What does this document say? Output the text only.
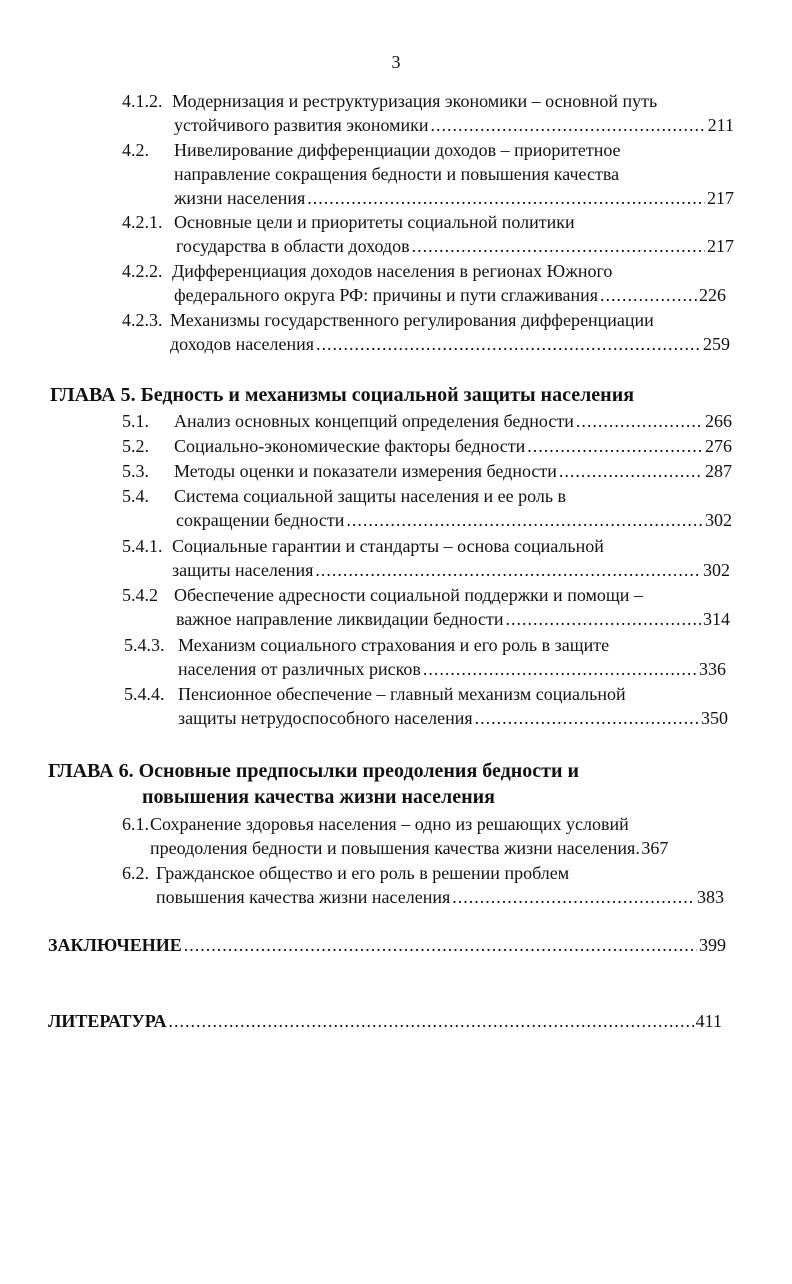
3
4.1.2. Модернизация и реструктуризация экономики – основной путь
устойчивого развития экономики .....	211
4.2.	Нивелирование дифференциации доходов – приоритетное
направление сокращения бедности и повышения качества
жизни населения .....	217
4.2.1. Основные цели и приоритеты социальной политики
государства в области доходов .....	217
4.2.2. Дифференциация доходов населения в регионах Южного
федерального округа РФ: причины и пути сглаживания .....	226
4.2.3. Механизмы государственного регулирования дифференциации
доходов населения .....	259
ГЛАВА 5. Бедность и механизмы социальной защиты населения
5.1.	Анализ основных концепций определения бедности .....	266
5.2.	Социально-экономические факторы бедности .....	276
5.3.	Методы оценки и показатели измерения бедности .....	287
5.4.	Система социальной защиты населения и ее роль в
сокращении бедности .....	302
5.4.1. Социальные гарантии и стандарты – основа социальной
защиты населения .....	302
5.4.2 Обеспечение адресности социальной поддержки и помощи –
важное направление ликвидации бедности .....	314
5.4.3. Механизм социального страхования и его роль в защите
населения от различных рисков .....	336
5.4.4. Пенсионное обеспечение – главный механизм социальной
защиты нетрудоспособного населения .....	350
ГЛАВА 6. Основные предпосылки преодоления бедности и
повышения качества жизни населения
6.1. Сохранение здоровья населения – одно из решающих условий
преодоления бедности и повышения качества жизни населения ..... 367
6.2. Гражданское общество и его роль в решении проблем
повышения качества жизни населения .....	383
ЗАКЛЮЧЕНИЕ .....	399
ЛИТЕРАТУРА .....	411
